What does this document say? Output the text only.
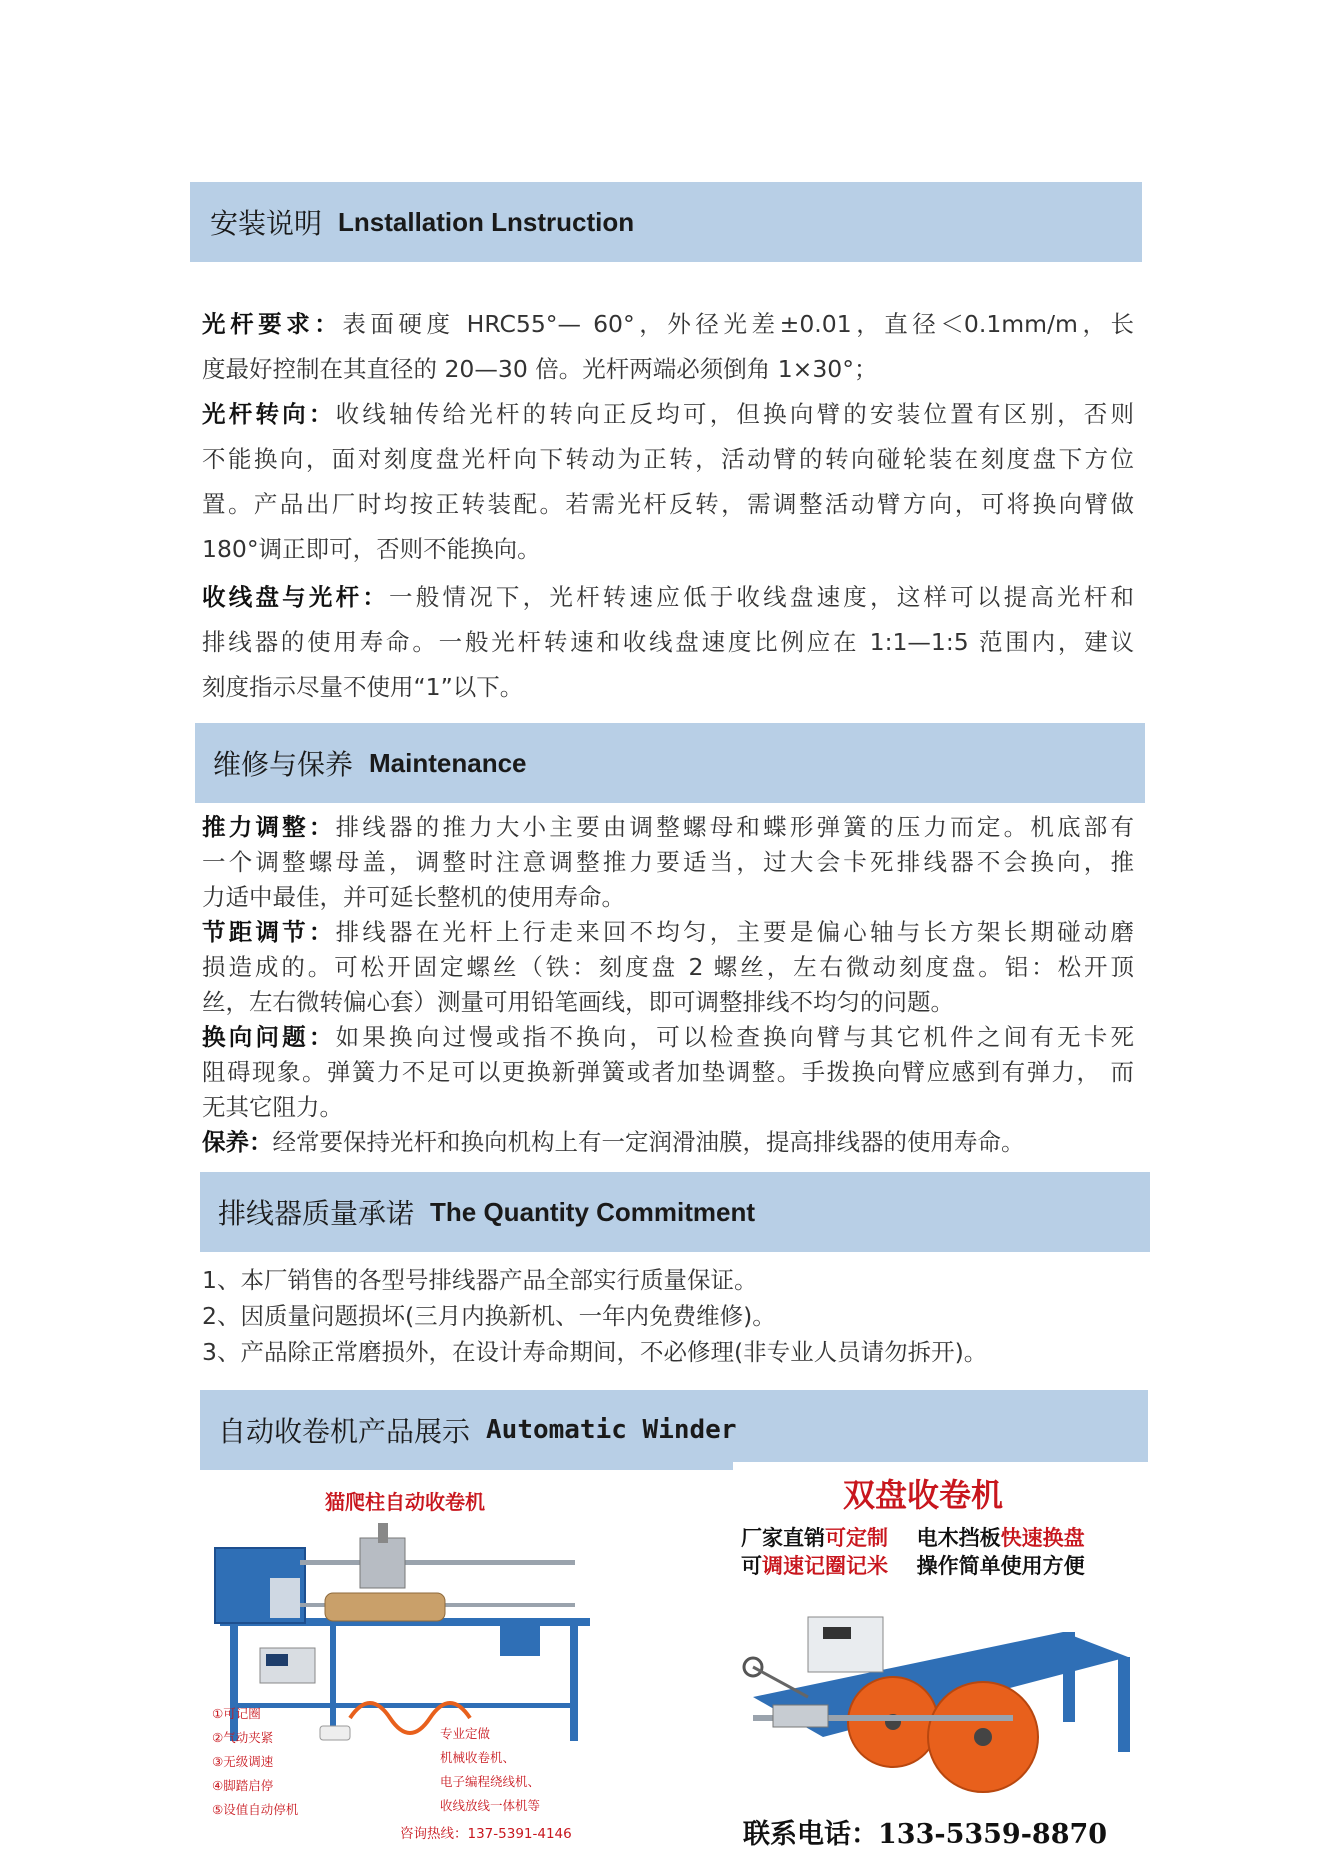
安装说明 Lnstallation Lnstruction
维修与保养 Maintenance
排线器质量承诺 The Quantity Commitment
自动收卷机产品展示 Automatic Winder
光杆要求：表面硬度 HRC55°— 60°，外径光差±0.01，直径＜0.1mm/m，长
度最好控制在其直径的 20—30 倍。光杆两端必须倒角 1×30°；
光杆转向：收线轴传给光杆的转向正反均可，但换向臂的安装位置有区别，否则
不能换向，面对刻度盘光杆向下转动为正转，活动臂的转向碰轮装在刻度盘下方位
置。产品出厂时均按正转装配。若需光杆反转，需调整活动臂方向，可将换向臂做
180°调正即可，否则不能换向。
收线盘与光杆：一般情况下，光杆转速应低于收线盘速度，这样可以提高光杆和
排线器的使用寿命。一般光杆转速和收线盘速度比例应在 1:1—1:5 范围内，建议
刻度指示尽量不使用“1”以下。
推力调整：排线器的推力大小主要由调整螺母和蝶形弹簧的压力而定。机底部有
一个调整螺母盖，调整时注意调整推力要适当，过大会卡死排线器不会换向，推
力适中最佳，并可延长整机的使用寿命。
节距调节：排线器在光杆上行走来回不均匀，主要是偏心轴与长方架长期碰动磨
损造成的。可松开固定螺丝（铁：刻度盘 2 螺丝，左右微动刻度盘。铝：松开顶
丝，左右微转偏心套）测量可用铅笔画线，即可调整排线不均匀的问题。
换向问题：如果换向过慢或指不换向，可以检查换向臂与其它机件之间有无卡死
阻碍现象。弹簧力不足可以更换新弹簧或者加垫调整。手拨换向臂应感到有弹力， 而
无其它阻力。
保养：经常要保持光杆和换向机构上有一定润滑油膜，提高排线器的使用寿命。
1、本厂销售的各型号排线器产品全部实行质量保证。
2、因质量问题损坏(三月内换新机、一年内免费维修)。
3、产品除正常磨损外，在设计寿命期间，不必修理(非专业人员请勿拆开)。
猫爬柱自动收卷机
①可记圈
②气动夹紧
③无级调速
④脚踏启停
⑤设值自动停机
专业定做
机械收卷机、
电子编程绕线机、
收线放线一体机等
咨询热线：137-5391-4146
双盘收卷机
厂家直销可定制 电木挡板快速换盘
可调速记圈记米 操作简单使用方便
联系电话：133-5359-8870
